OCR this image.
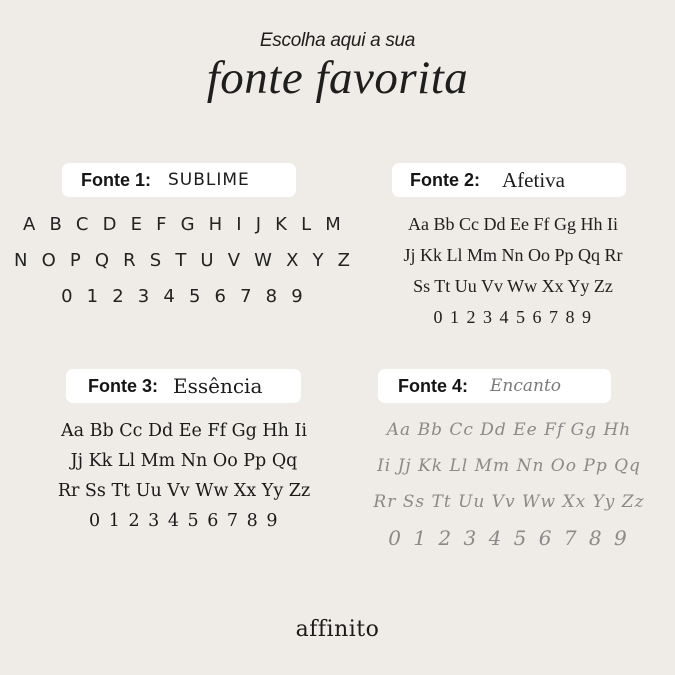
Escolha aqui a sua
fonte favorita
Fonte 1: SUBLIME
A B C D E F G H I J K L M
N O P Q R S T U V W X Y Z
0 1 2 3 4 5 6 7 8 9
Fonte 2: Afetiva
Aa Bb Cc Dd Ee Ff Gg Hh Ii
Jj Kk Ll Mm Nn Oo Pp Qq Rr
Ss Tt Uu Vv Ww Xx Yy Zz
0 1 2 3 4 5 6 7 8 9
Fonte 3: Essência
Aa Bb Cc Dd Ee Ff Gg Hh Ii
Jj Kk Ll Mm Nn Oo Pp Qq
Rr Ss Tt Uu Vv Ww Xx Yy Zz
0 1 2 3 4 5 6 7 8 9
Fonte 4: Encanto
Aa Bb Cc Dd Ee Ff Gg Hh
Ii Jj Kk Ll Mm Nn Oo Pp Qq
Rr Ss Tt Uu Vv Ww Xx Yy Zz
0 1 2 3 4 5 6 7 8 9
affinito
